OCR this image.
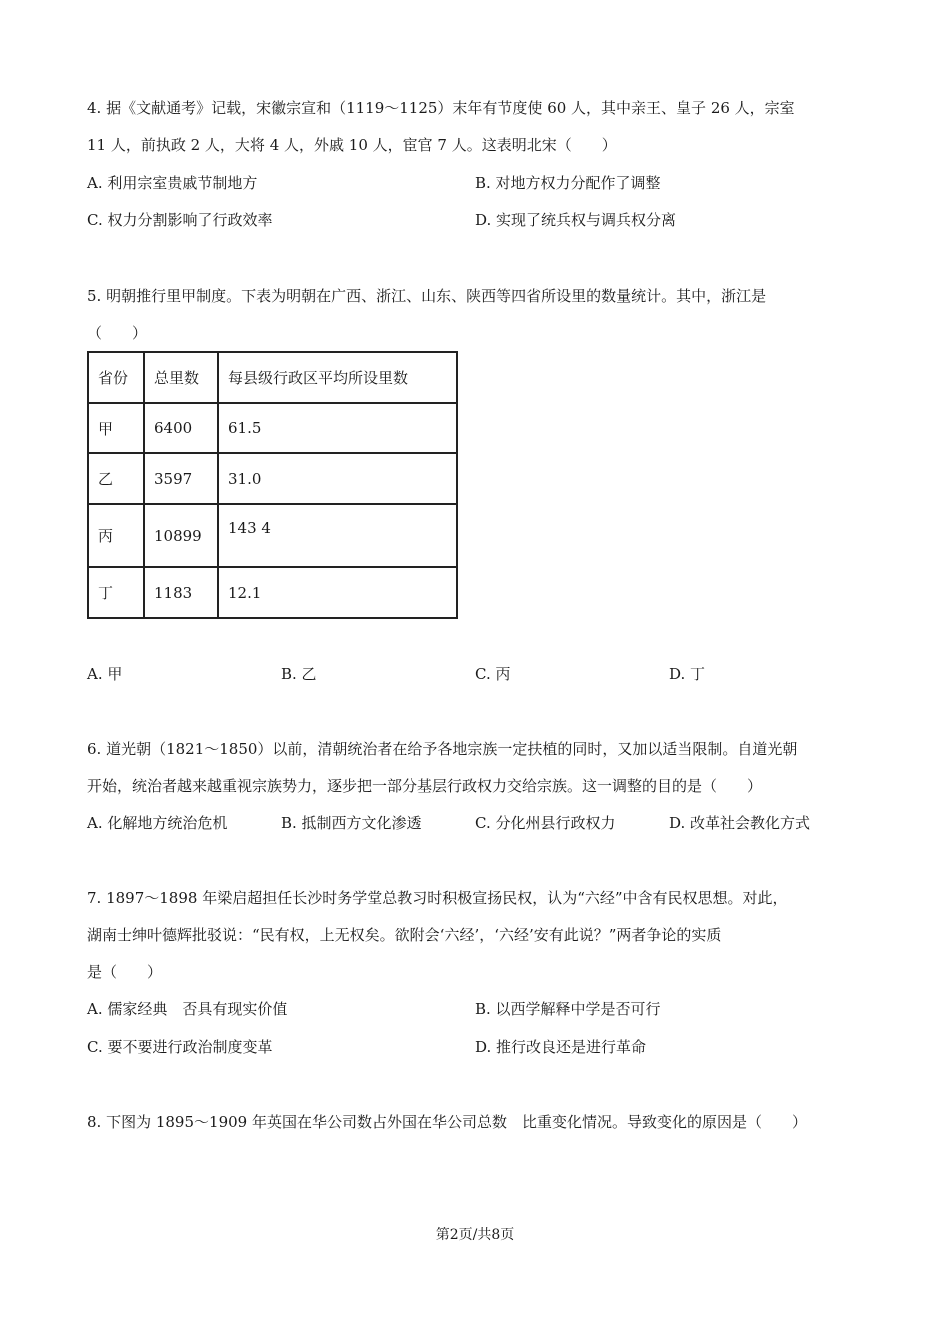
4. 据《文献通考》记载，宋徽宗宣和（1119～1125）末年有节度使 60 人，其中亲王、皇子 26 人，宗室
11 人，前执政 2 人，大将 4 人，外戚 10 人，宦官 7 人。这表明北宋（　　）
A. 利用宗室贵戚节制地方	B. 对地方权力分配作了调整
C. 权力分割影响了行政效率	D. 实现了统兵权与调兵权分离
5. 明朝推行里甲制度。下表为明朝在广西、浙江、山东、陕西等四省所设里的数量统计。其中，浙江是
（　　）
省份	总里数	每县级行政区平均所设里数
甲	6400	61.5
乙	3597	31.0
丙	10899	143 4
丁	1183	12.1
A. 甲	B. 乙	C. 丙	D. 丁
6. 道光朝（1821～1850）以前，清朝统治者在给予各地宗族一定扶植的同时，又加以适当限制。自道光朝
开始，统治者越来越重视宗族势力，逐步把一部分基层行政权力交给宗族。这一调整的目的是（　　）
A. 化解地方统治危机	B. 抵制西方文化渗透	C. 分化州县行政权力	D. 改革社会教化方式
7. 1897～1898 年梁启超担任长沙时务学堂总教习时积极宣扬民权，认为“六经”中含有民权思想。对此，
湖南士绅叶德辉批驳说：“民有权，上无权矣。欲附会‘六经’，‘六经’安有此说？”两者争论的实质
是（　　）
A. 儒家经典　否具有现实价值	B. 以西学解释中学是否可行
C. 要不要进行政治制度变革	D. 推行改良还是进行革命
8. 下图为 1895～1909 年英国在华公司数占外国在华公司总数　比重变化情况。导致变化的原因是（　　）
第2页/共8页
